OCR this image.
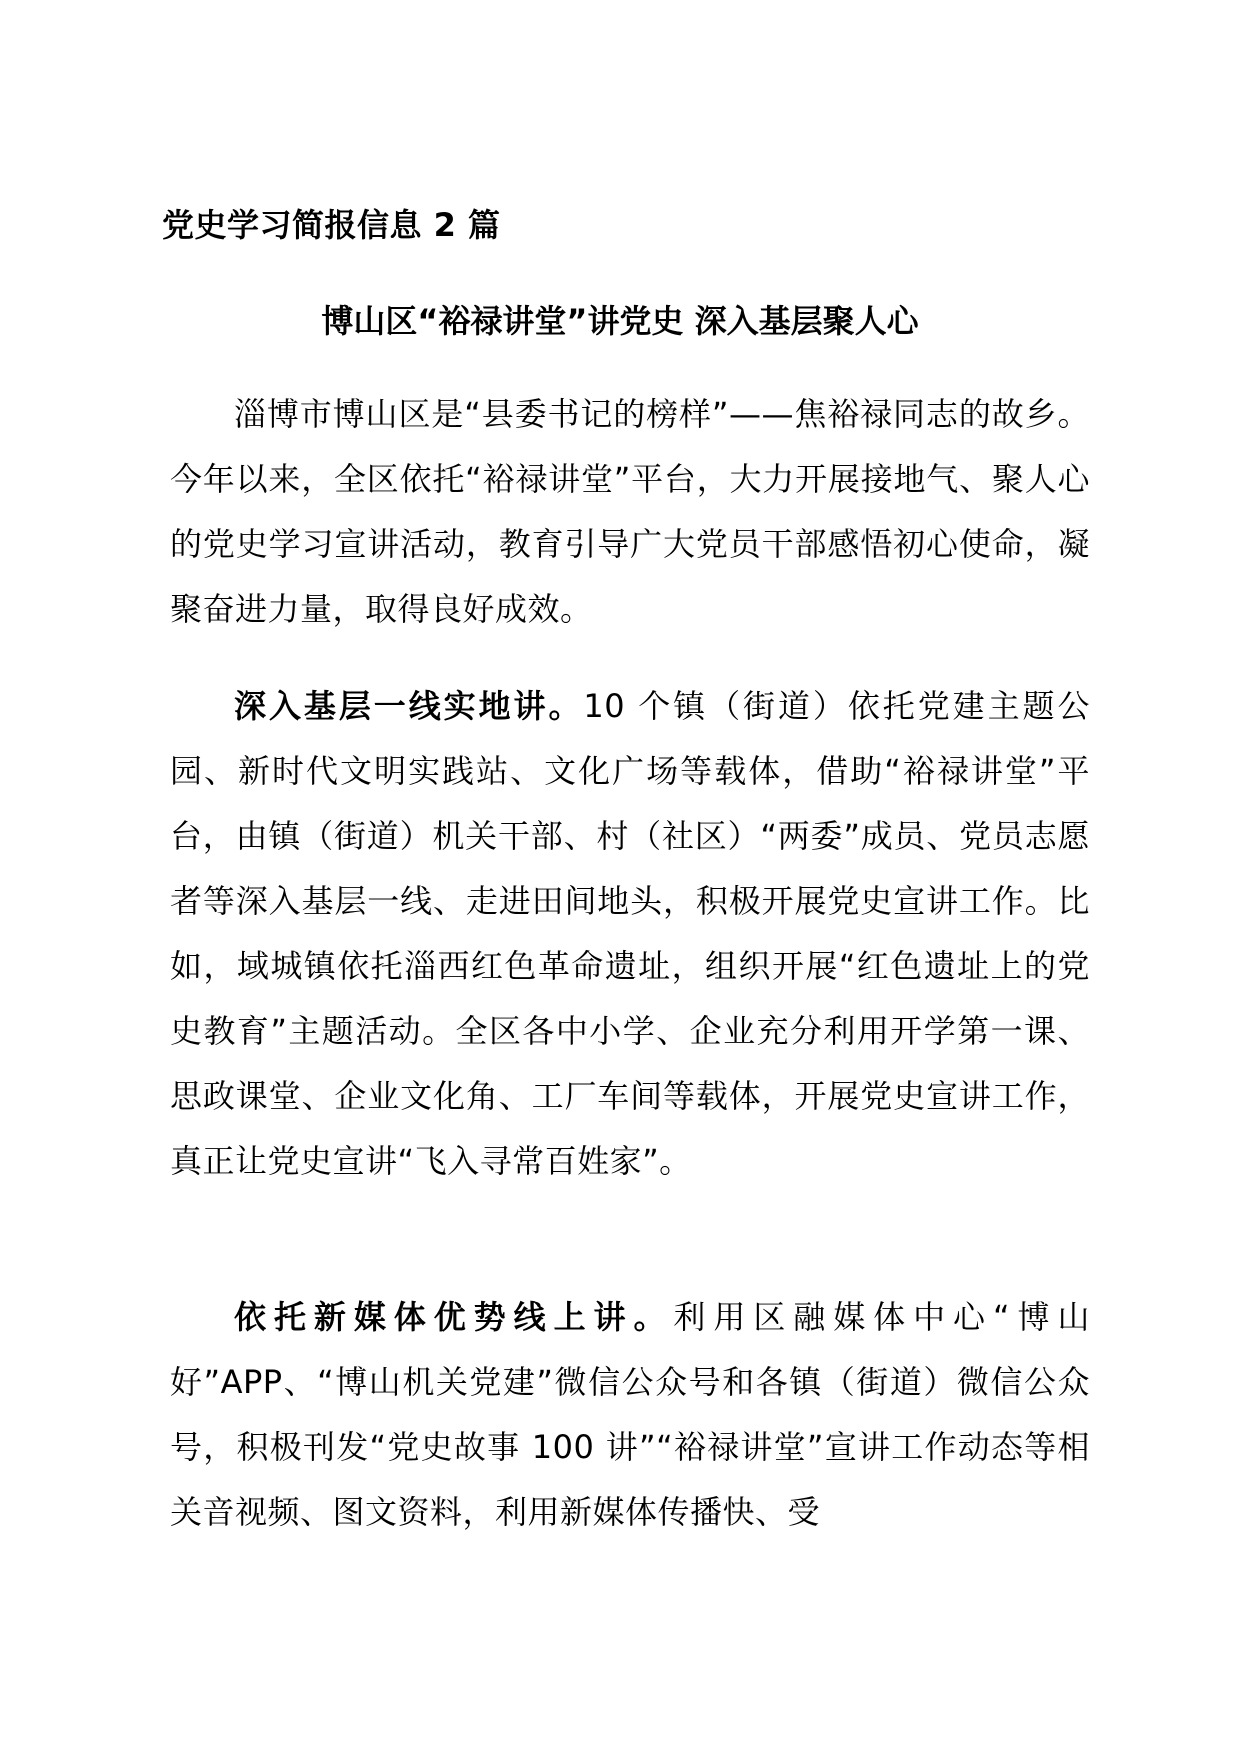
党史学习简报信息 2 篇
博山区“裕禄讲堂”讲党史 深入基层聚人心

淄博市博山区是“县委书记的榜样”——焦裕禄同志的故乡。今年以来，全区依托“裕禄讲堂”平台，大力开展接地气、聚人心的党史学习宣讲活动，教育引导广大党员干部感悟初心使命，凝聚奋进力量，取得良好成效。

深入基层一线实地讲。10 个镇（街道）依托党建主题公园、新时代文明实践站、文化广场等载体，借助“裕禄讲堂”平台，由镇（街道）机关干部、村（社区）“两委”成员、党员志愿者等深入基层一线、走进田间地头，积极开展党史宣讲工作。比如，域城镇依托淄西红色革命遗址，组织开展“红色遗址上的党史教育”主题活动。全区各中小学、企业充分利用开学第一课、思政课堂、企业文化角、工厂车间等载体，开展党史宣讲工作，真正让党史宣讲“飞入寻常百姓家”。

依托新媒体优势线上讲。利用区融媒体中心“博山好”APP、“博山机关党建”微信公众号和各镇（街道）微信公众号，积极刊发“党史故事 100 讲”“裕禄讲堂”宣讲工作动态等相关音视频、图文资料，利用新媒体传播快、受
